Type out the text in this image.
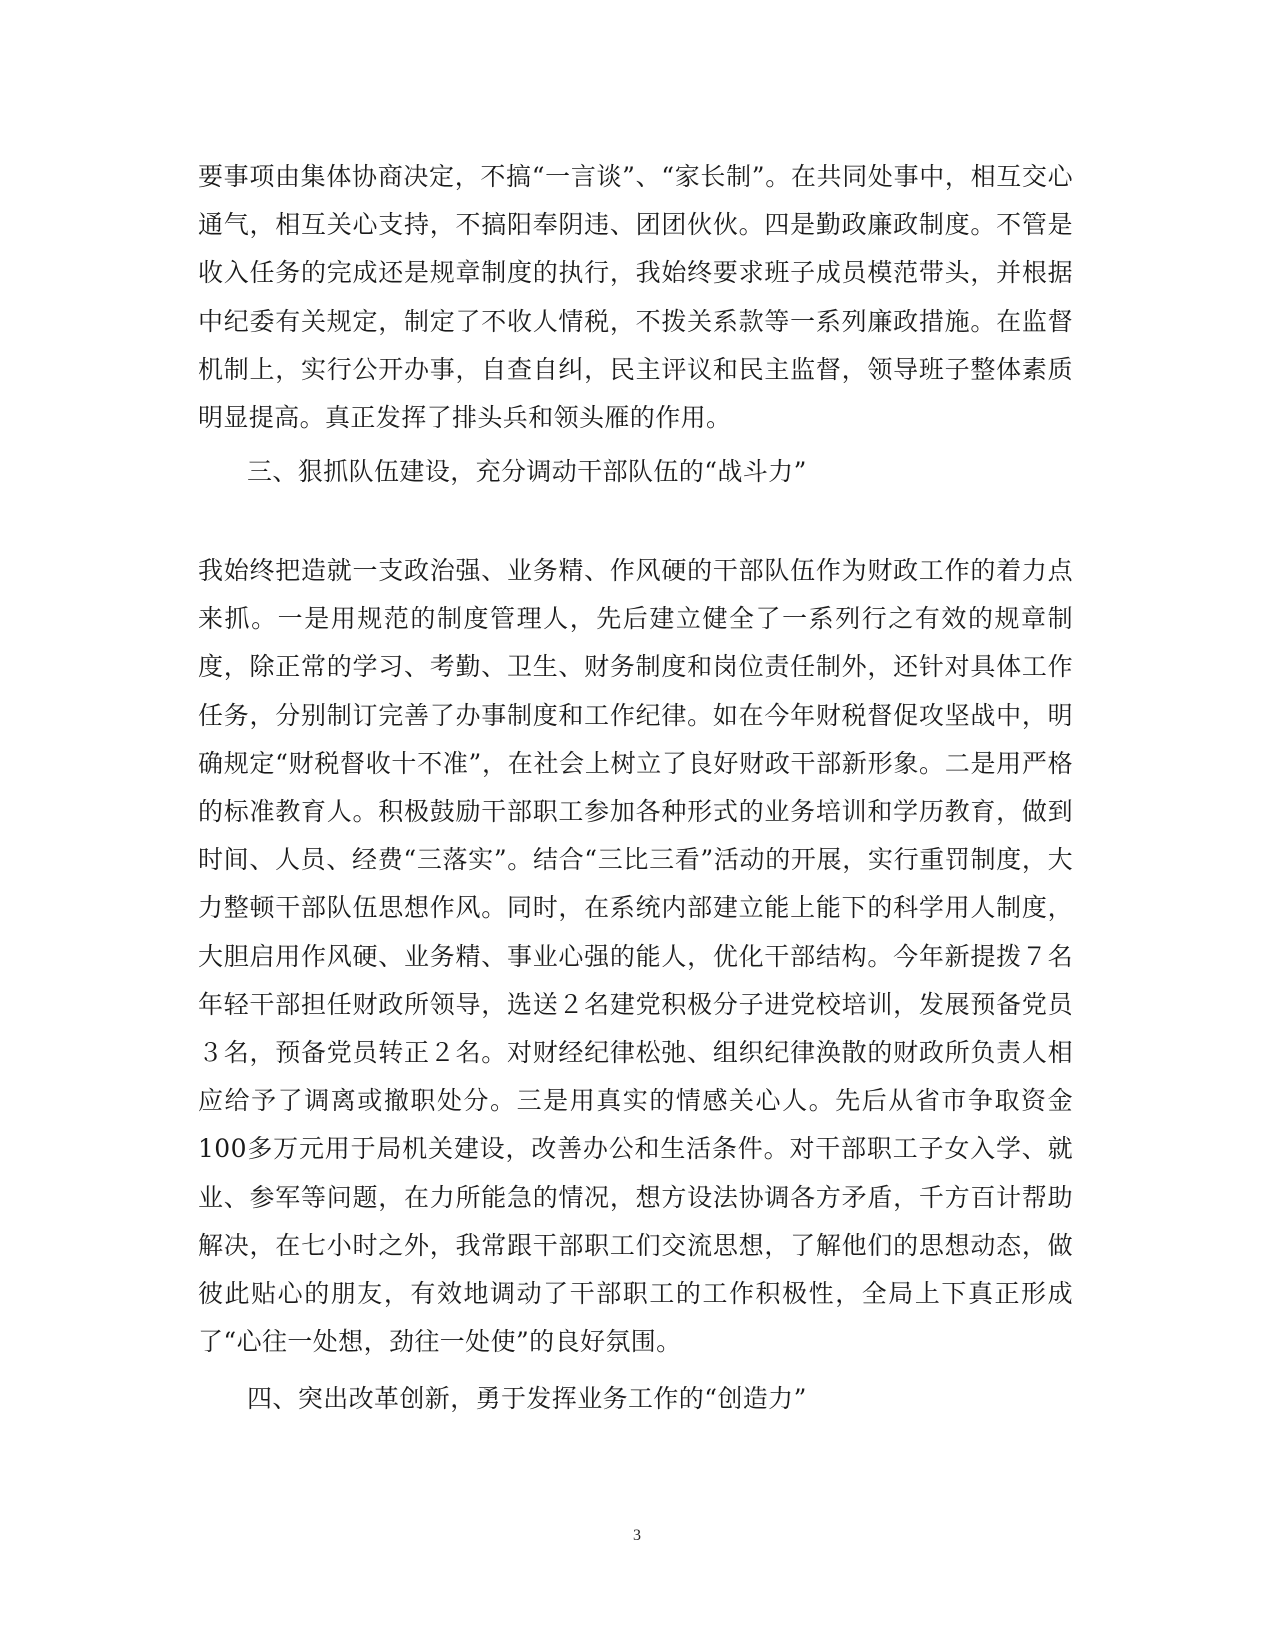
要事项由集体协商决定，不搞“一言谈”、“家长制”。在共同处事中，相互交心通气，相互关心支持，不搞阳奉阴违、团团伙伙。四是勤政廉政制度。不管是收入任务的完成还是规章制度的执行，我始终要求班子成员模范带头，并根据中纪委有关规定，制定了不收人情税，不拨关系款等一系列廉政措施。在监督机制上，实行公开办事，自查自纠，民主评议和民主监督，领导班子整体素质明显提高。真正发挥了排头兵和领头雁的作用。

三、狠抓队伍建设，充分调动干部队伍的“战斗力”

我始终把造就一支政治强、业务精、作风硬的干部队伍作为财政工作的着力点来抓。一是用规范的制度管理人，先后建立健全了一系列行之有效的规章制度，除正常的学习、考勤、卫生、财务制度和岗位责任制外，还针对具体工作任务，分别制订完善了办事制度和工作纪律。如在今年财税督促攻坚战中，明确规定“财税督收十不准”，在社会上树立了良好财政干部新形象。二是用严格的标准教育人。积极鼓励干部职工参加各种形式的业务培训和学历教育，做到时间、人员、经费“三落实”。结合“三比三看”活动的开展，实行重罚制度，大力整顿干部队伍思想作风。同时，在系统内部建立能上能下的科学用人制度，大胆启用作风硬、业务精、事业心强的能人，优化干部结构。今年新提拨７名年轻干部担任财政所领导，选送２名建党积极分子进党校培训，发展预备党员３名，预备党员转正２名。对财经纪律松弛、组织纪律涣散的财政所负责人相应给予了调离或撤职处分。三是用真实的情感关心人。先后从省市争取资金100多万元用于局机关建设，改善办公和生活条件。对干部职工子女入学、就业、参军等问题，在力所能急的情况，想方设法协调各方矛盾，千方百计帮助解决，在七小时之外，我常跟干部职工们交流思想，了解他们的思想动态，做彼此贴心的朋友，有效地调动了干部职工的工作积极性，全局上下真正形成了“心往一处想，劲往一处使”的良好氛围。

四、突出改革创新，勇于发挥业务工作的“创造力”

3
